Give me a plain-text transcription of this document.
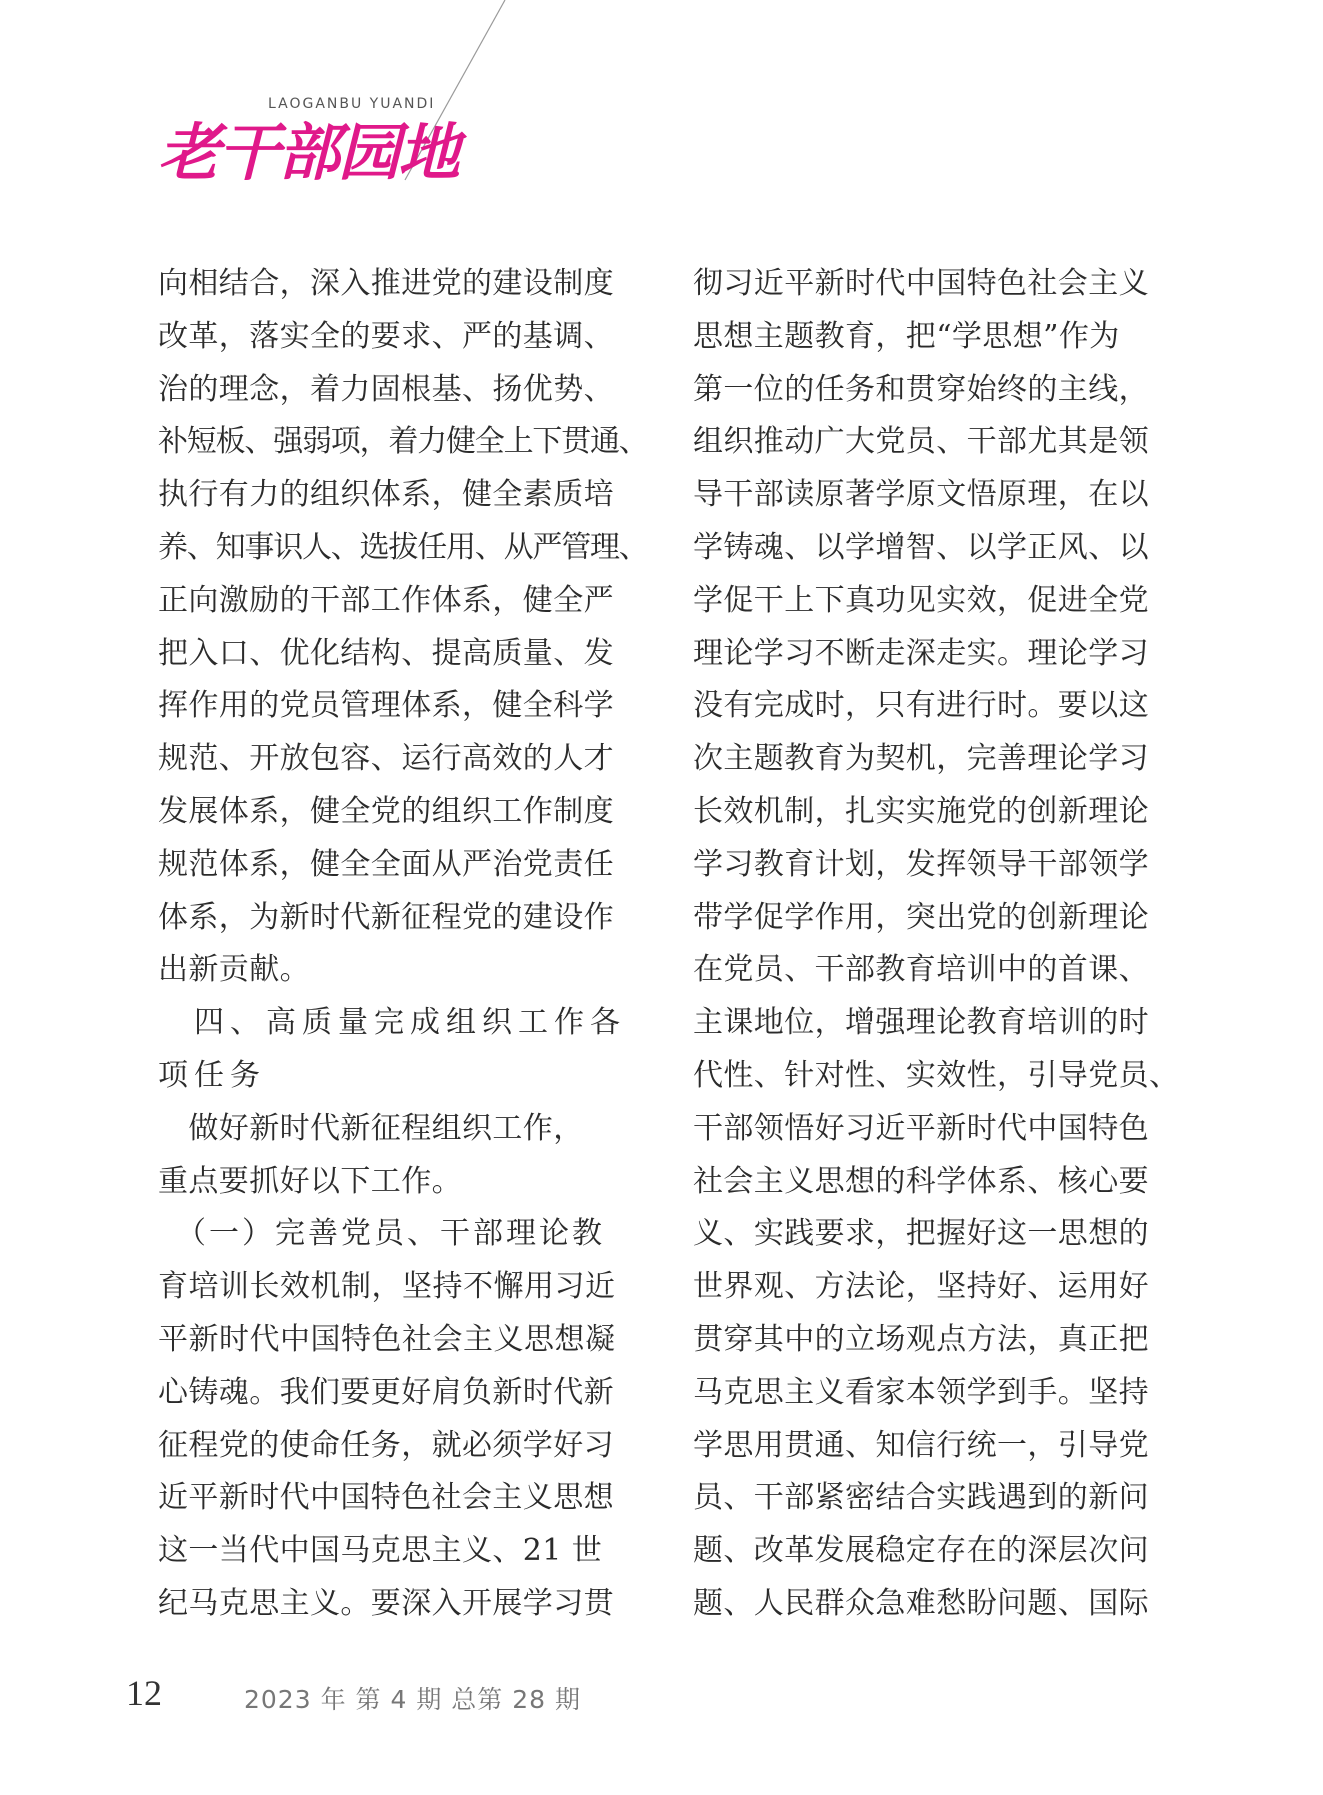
LAOGANBU YUANDI
老干部园地

向相结合，深入推进党的建设制度

改革，落实全的要求、严的基调、

治的理念，着力固根基、扬优势、

补短板、强弱项，着力健全上下贯通、

执行有力的组织体系，健全素质培

养、知事识人、选拔任用、从严管理、

正向激励的干部工作体系，健全严

把入口、优化结构、提高质量、发

挥作用的党员管理体系，健全科学

规范、开放包容、运行高效的人才

发展体系，健全党的组织工作制度

规范体系，健全全面从严治党责任

体系，为新时代新征程党的建设作

出新贡献。

　四、高质量完成组织工作各

项任务

　做好新时代新征程组织工作，

重点要抓好以下工作。

　（一）完善党员、干部理论教

育培训长效机制，坚持不懈用习近

平新时代中国特色社会主义思想凝

心铸魂。我们要更好肩负新时代新

征程党的使命任务，就必须学好习

近平新时代中国特色社会主义思想

这一当代中国马克思主义、21 世

纪马克思主义。要深入开展学习贯

彻习近平新时代中国特色社会主义

思想主题教育，把“学思想”作为

第一位的任务和贯穿始终的主线，

组织推动广大党员、干部尤其是领

导干部读原著学原文悟原理，在以

学铸魂、以学增智、以学正风、以

学促干上下真功见实效，促进全党

理论学习不断走深走实。理论学习

没有完成时，只有进行时。要以这

次主题教育为契机，完善理论学习

长效机制，扎实实施党的创新理论

学习教育计划，发挥领导干部领学

带学促学作用，突出党的创新理论

在党员、干部教育培训中的首课、

主课地位，增强理论教育培训的时

代性、针对性、实效性，引导党员、

干部领悟好习近平新时代中国特色

社会主义思想的科学体系、核心要

义、实践要求，把握好这一思想的

世界观、方法论，坚持好、运用好

贯穿其中的立场观点方法，真正把

马克思主义看家本领学到手。坚持

学思用贯通、知信行统一，引导党

员、干部紧密结合实践遇到的新问

题、改革发展稳定存在的深层次问

题、人民群众急难愁盼问题、国际

12	2023 年 第 4 期 总第 28 期
